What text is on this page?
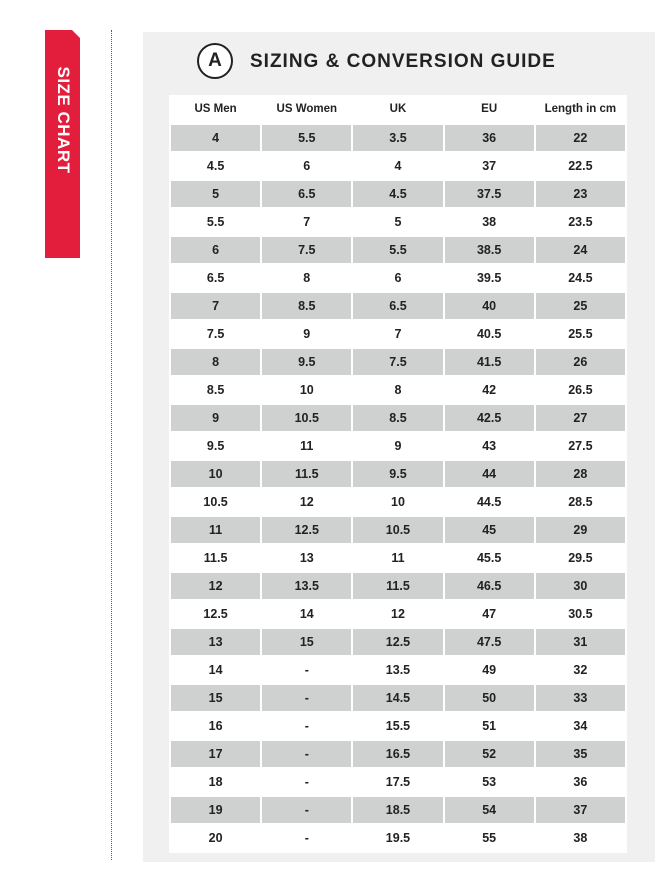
SIZE CHART
A	SIZING & CONVERSION GUIDE
US Men	US Women	UK	EU	Length in cm
4	5.5	3.5	36	22
4.5	6	4	37	22.5
5	6.5	4.5	37.5	23
5.5	7	5	38	23.5
6	7.5	5.5	38.5	24
6.5	8	6	39.5	24.5
7	8.5	6.5	40	25
7.5	9	7	40.5	25.5
8	9.5	7.5	41.5	26
8.5	10	8	42	26.5
9	10.5	8.5	42.5	27
9.5	11	9	43	27.5
10	11.5	9.5	44	28
10.5	12	10	44.5	28.5
11	12.5	10.5	45	29
11.5	13	11	45.5	29.5
12	13.5	11.5	46.5	30
12.5	14	12	47	30.5
13	15	12.5	47.5	31
14	-	13.5	49	32
15	-	14.5	50	33
16	-	15.5	51	34
17	-	16.5	52	35
18	-	17.5	53	36
19	-	18.5	54	37
20	-	19.5	55	38
